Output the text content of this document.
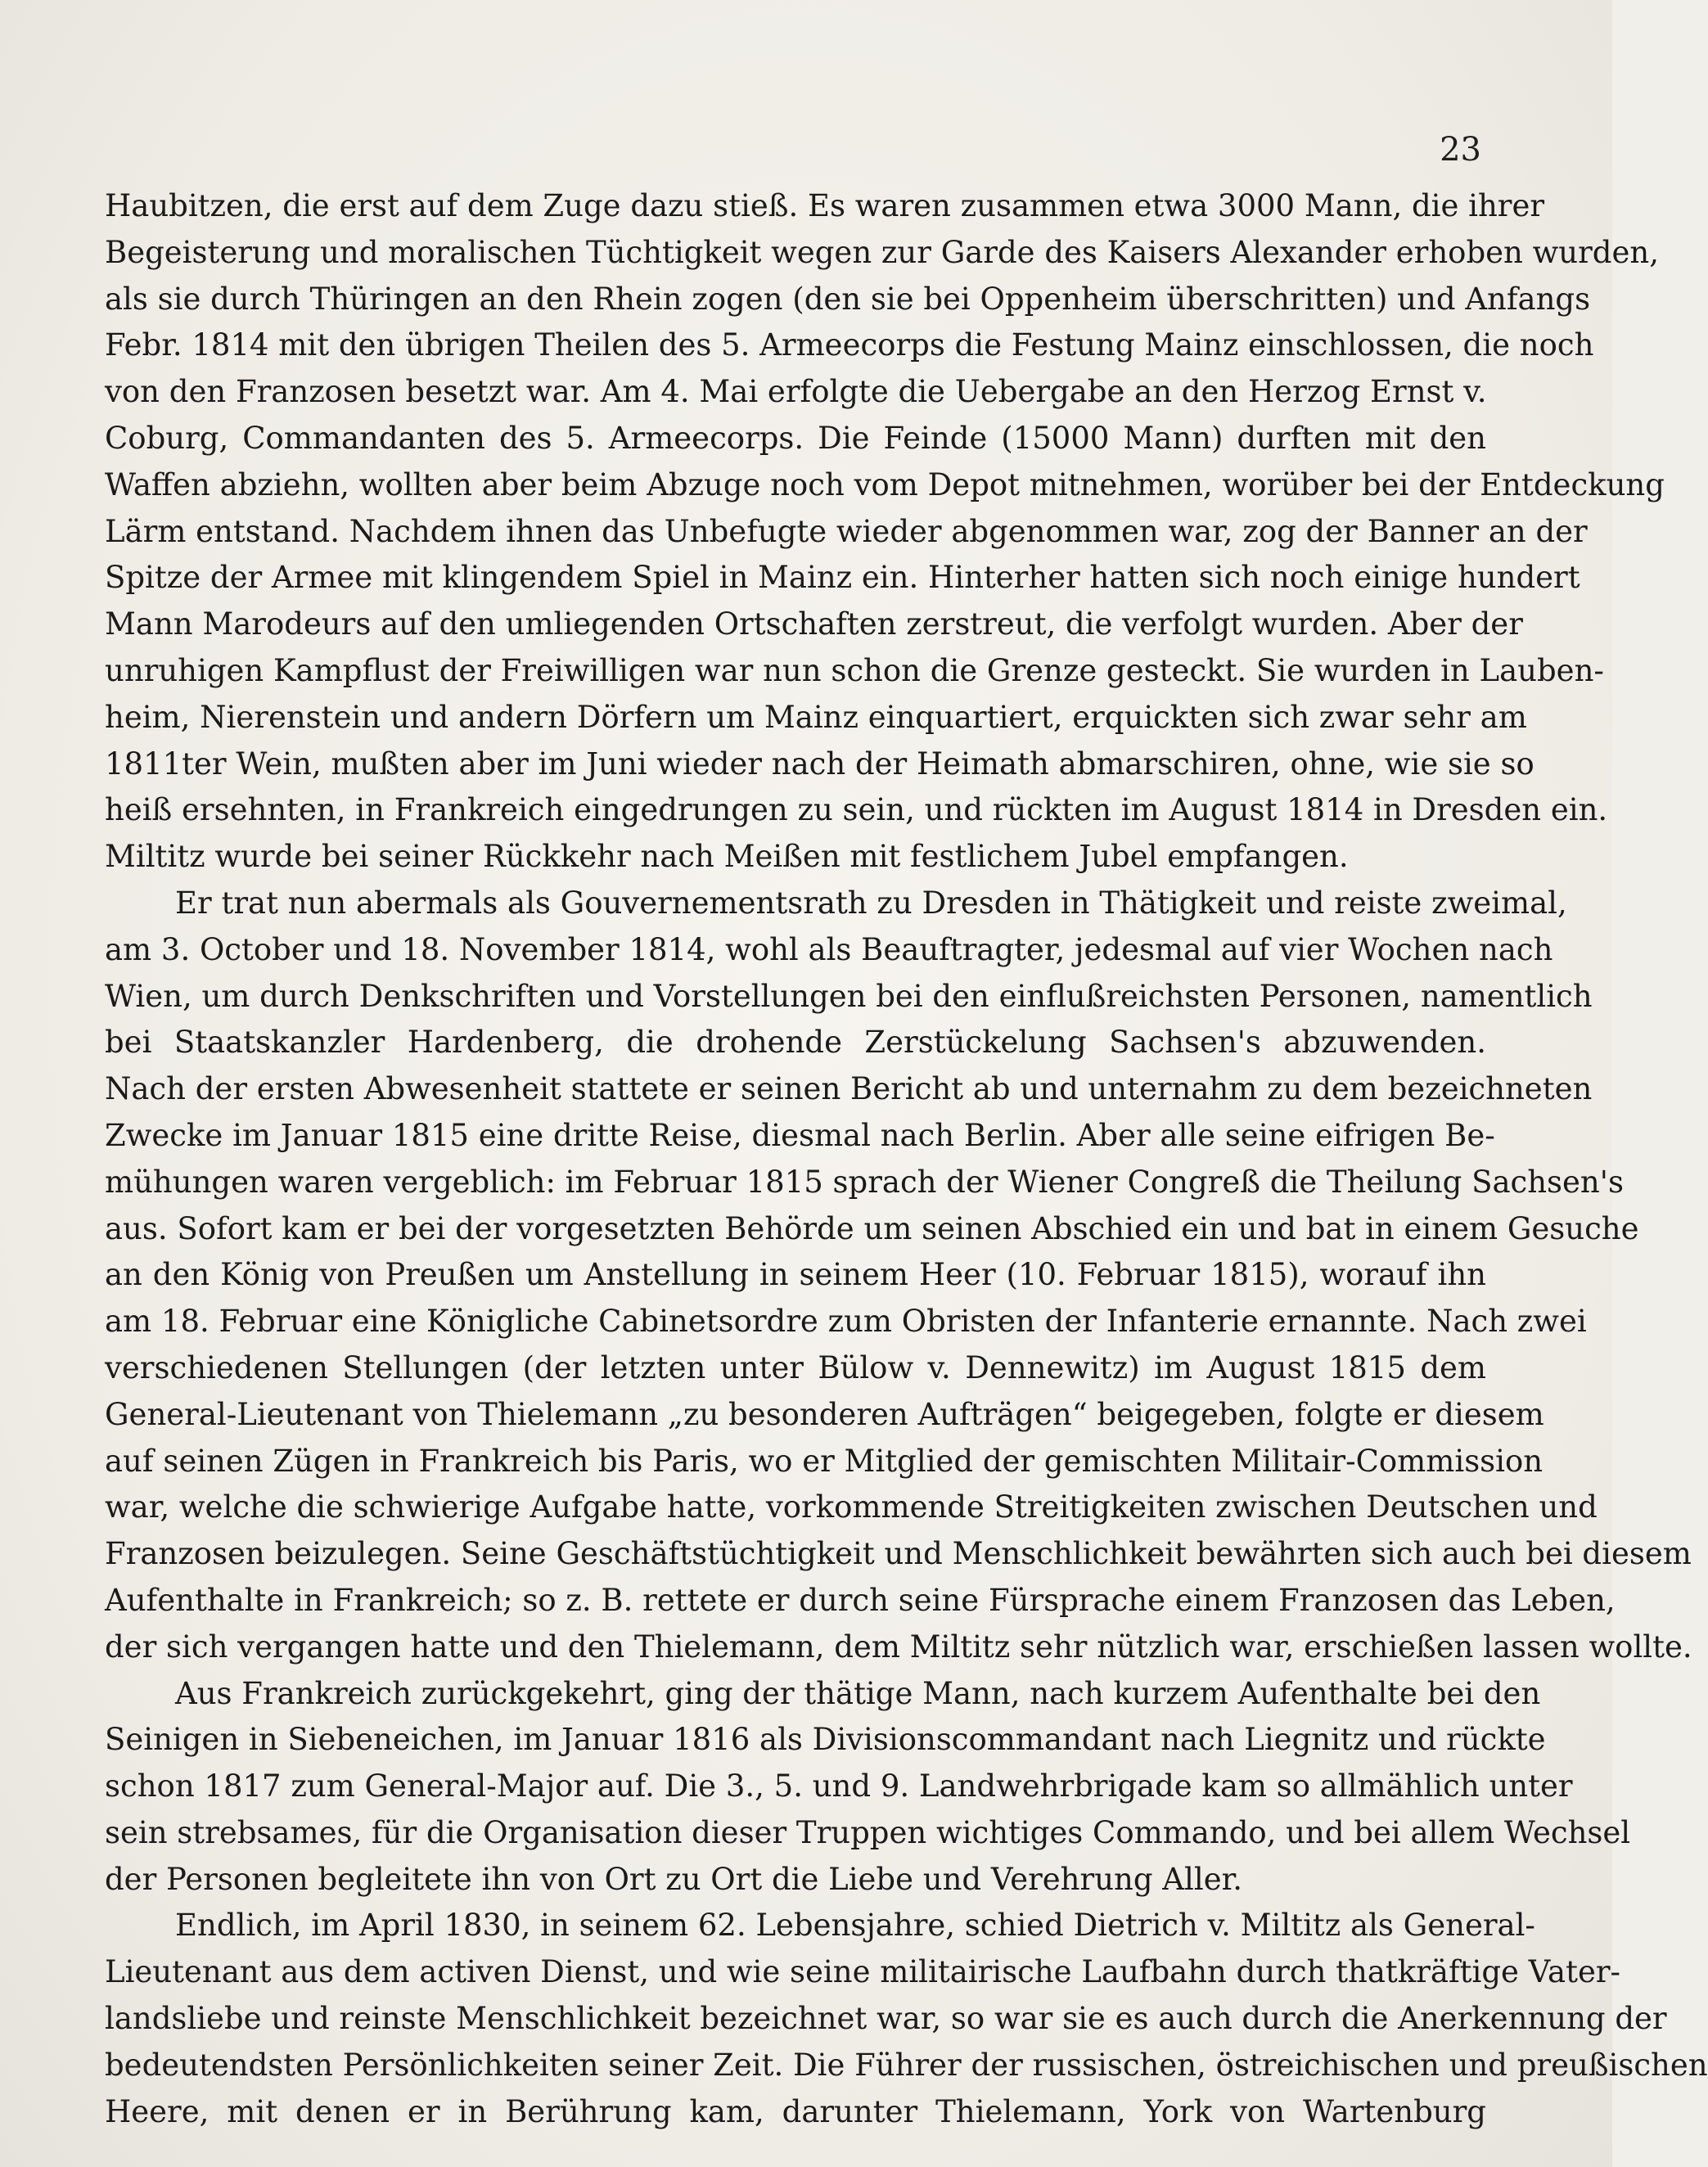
23
Haubitzen, die erst auf dem Zuge dazu stieß. Es waren zusammen etwa 3000 Mann, die ihrer
Begeisterung und moralischen Tüchtigkeit wegen zur Garde des Kaisers Alexander erhoben wurden,
als sie durch Thüringen an den Rhein zogen (den sie bei Oppenheim überschritten) und Anfangs
Febr. 1814 mit den übrigen Theilen des 5. Armeecorps die Festung Mainz einschlossen, die noch
von den Franzosen besetzt war. Am 4. Mai erfolgte die Uebergabe an den Herzog Ernst v.
Coburg, Commandanten des 5. Armeecorps. Die Feinde (15000 Mann) durften mit den
Waffen abziehn, wollten aber beim Abzuge noch vom Depot mitnehmen, worüber bei der Entdeckung
Lärm entstand. Nachdem ihnen das Unbefugte wieder abgenommen war, zog der Banner an der
Spitze der Armee mit klingendem Spiel in Mainz ein. Hinterher hatten sich noch einige hundert
Mann Marodeurs auf den umliegenden Ortschaften zerstreut, die verfolgt wurden. Aber der
unruhigen Kampflust der Freiwilligen war nun schon die Grenze gesteckt. Sie wurden in Lauben-
heim, Nierenstein und andern Dörfern um Mainz einquartiert, erquickten sich zwar sehr am
1811ter Wein, mußten aber im Juni wieder nach der Heimath abmarschiren, ohne, wie sie so
heiß ersehnten, in Frankreich eingedrungen zu sein, und rückten im August 1814 in Dresden ein.
Miltitz wurde bei seiner Rückkehr nach Meißen mit festlichem Jubel empfangen.
Er trat nun abermals als Gouvernementsrath zu Dresden in Thätigkeit und reiste zweimal,
am 3. October und 18. November 1814, wohl als Beauftragter, jedesmal auf vier Wochen nach
Wien, um durch Denkschriften und Vorstellungen bei den einflußreichsten Personen, namentlich
bei Staatskanzler Hardenberg, die drohende Zerstückelung Sachsen's abzuwenden.
Nach der ersten Abwesenheit stattete er seinen Bericht ab und unternahm zu dem bezeichneten
Zwecke im Januar 1815 eine dritte Reise, diesmal nach Berlin. Aber alle seine eifrigen Be-
mühungen waren vergeblich: im Februar 1815 sprach der Wiener Congreß die Theilung Sachsen's
aus. Sofort kam er bei der vorgesetzten Behörde um seinen Abschied ein und bat in einem Gesuche
an den König von Preußen um Anstellung in seinem Heer (10. Februar 1815), worauf ihn
am 18. Februar eine Königliche Cabinetsordre zum Obristen der Infanterie ernannte. Nach zwei
verschiedenen Stellungen (der letzten unter Bülow v. Dennewitz) im August 1815 dem
General-Lieutenant von Thielemann „zu besonderen Aufträgen“ beigegeben, folgte er diesem
auf seinen Zügen in Frankreich bis Paris, wo er Mitglied der gemischten Militair-Commission
war, welche die schwierige Aufgabe hatte, vorkommende Streitigkeiten zwischen Deutschen und
Franzosen beizulegen. Seine Geschäftstüchtigkeit und Menschlichkeit bewährten sich auch bei diesem
Aufenthalte in Frankreich; so z. B. rettete er durch seine Fürsprache einem Franzosen das Leben,
der sich vergangen hatte und den Thielemann, dem Miltitz sehr nützlich war, erschießen lassen wollte.
Aus Frankreich zurückgekehrt, ging der thätige Mann, nach kurzem Aufenthalte bei den
Seinigen in Siebeneichen, im Januar 1816 als Divisionscommandant nach Liegnitz und rückte
schon 1817 zum General-Major auf. Die 3., 5. und 9. Landwehrbrigade kam so allmählich unter
sein strebsames, für die Organisation dieser Truppen wichtiges Commando, und bei allem Wechsel
der Personen begleitete ihn von Ort zu Ort die Liebe und Verehrung Aller.
Endlich, im April 1830, in seinem 62. Lebensjahre, schied Dietrich v. Miltitz als General-
Lieutenant aus dem activen Dienst, und wie seine militairische Laufbahn durch thatkräftige Vater-
landsliebe und reinste Menschlichkeit bezeichnet war, so war sie es auch durch die Anerkennung der
bedeutendsten Persönlichkeiten seiner Zeit. Die Führer der russischen, östreichischen und preußischen
Heere, mit denen er in Berührung kam, darunter Thielemann, York von Wartenburg
